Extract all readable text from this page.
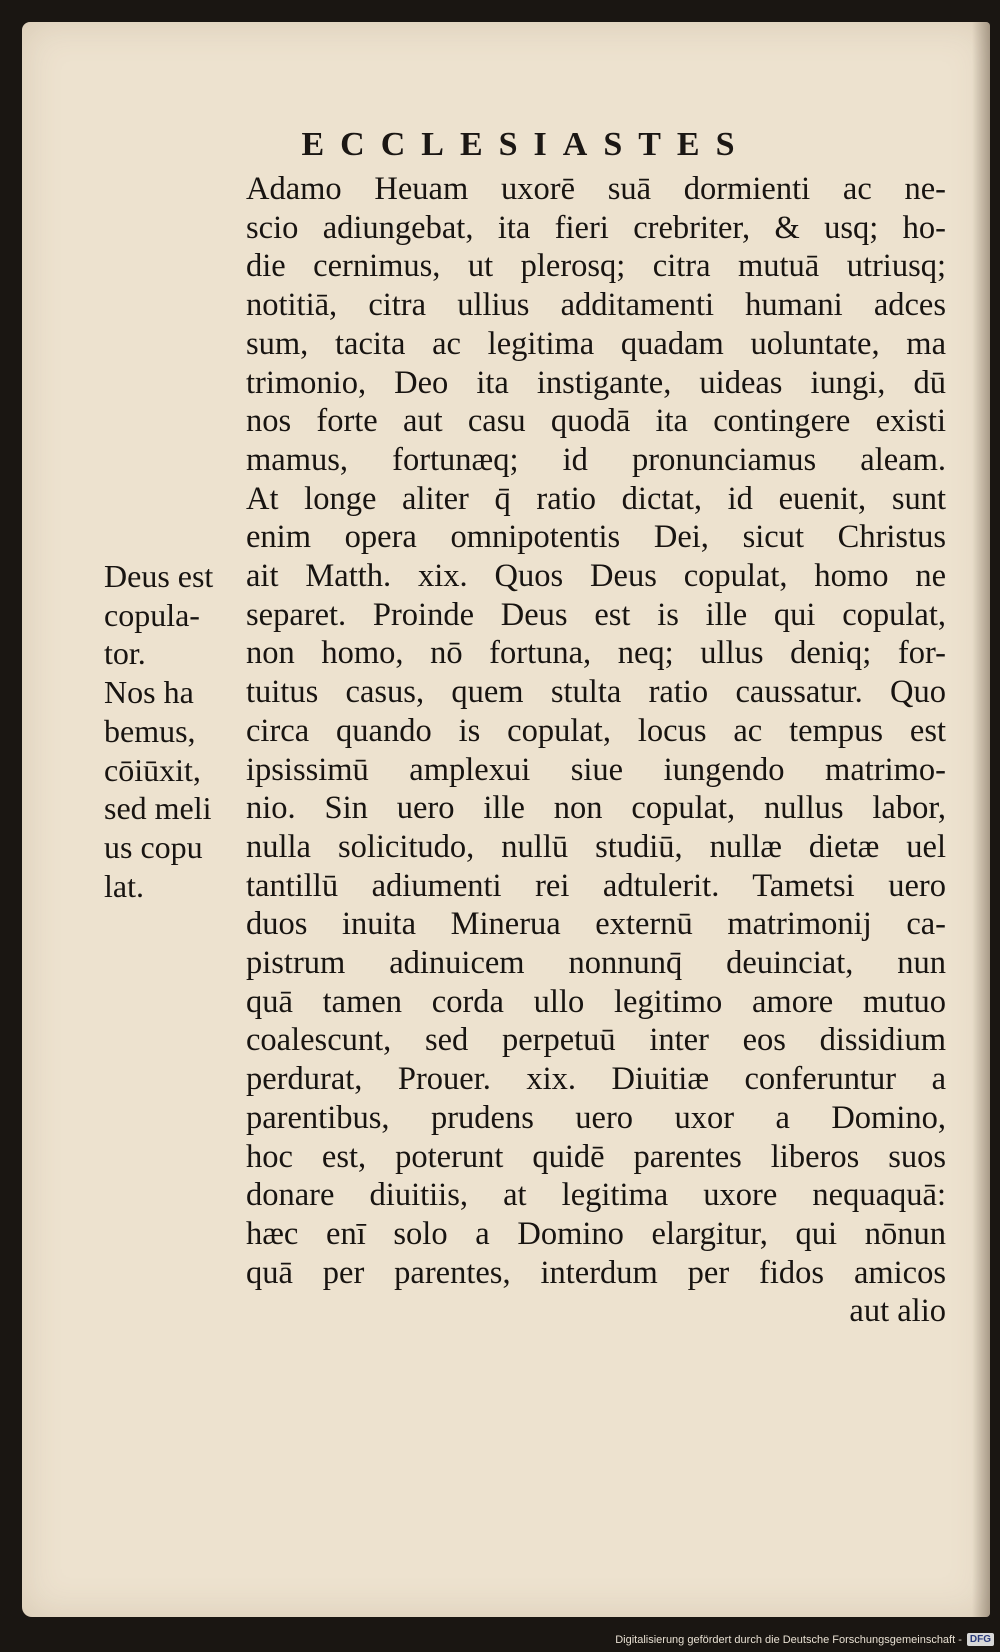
ECCLESIASTES
Adamo Heuam uxorē suā dormienti ac ne-
scio adiungebat, ita fieri crebriter, & usq; ho-
die cernimus, ut plerosq; citra mutuā utriusq;
notitiā, citra ullius additamenti humani adces
sum, tacita ac legitima quadam uoluntate, ma
trimonio, Deo ita instigante, uideas iungi, dū
nos forte aut casu quodā ita contingere existi
mamus, fortunæq; id pronunciamus aleam.
At longe aliter q̄ ratio dictat, id euenit, sunt
enim opera omnipotentis Dei, sicut Christus
ait Matth. xix. Quos Deus copulat, homo ne
separet. Proinde Deus est is ille qui copulat,
non homo, nō fortuna, neq; ullus deniq; for-
tuitus casus, quem stulta ratio caussatur. Quo
circa quando is copulat, locus ac tempus est
ipsissimū amplexui siue iungendo matrimo-
nio. Sin uero ille non copulat, nullus labor,
nulla solicitudo, nullū studiū, nullæ dietæ uel
tantillū adiumenti rei adtulerit. Tametsi uero
duos inuita Minerua externū matrimonij ca-
pistrum adinuicem nonnunq̄ deuinciat, nun
quā tamen corda ullo legitimo amore mutuo
coalescunt, sed perpetuū inter eos dissidium
perdurat, Prouer. xix. Diuitiæ conferuntur a
parentibus, prudens uero uxor a Domino,
hoc est, poterunt quidē parentes liberos suos
donare diuitiis, at legitima uxore nequaquā:
hæc enī solo a Domino elargitur, qui nōnun
quā per parentes, interdum per fidos amicos
aut alio
Deus est
copula-
tor.
Nos ha
bemus,
cōiūxit,
sed meli
us copu
lat.
Digitalisierung gefördert durch die Deutsche Forschungsgemeinschaft - DFG
